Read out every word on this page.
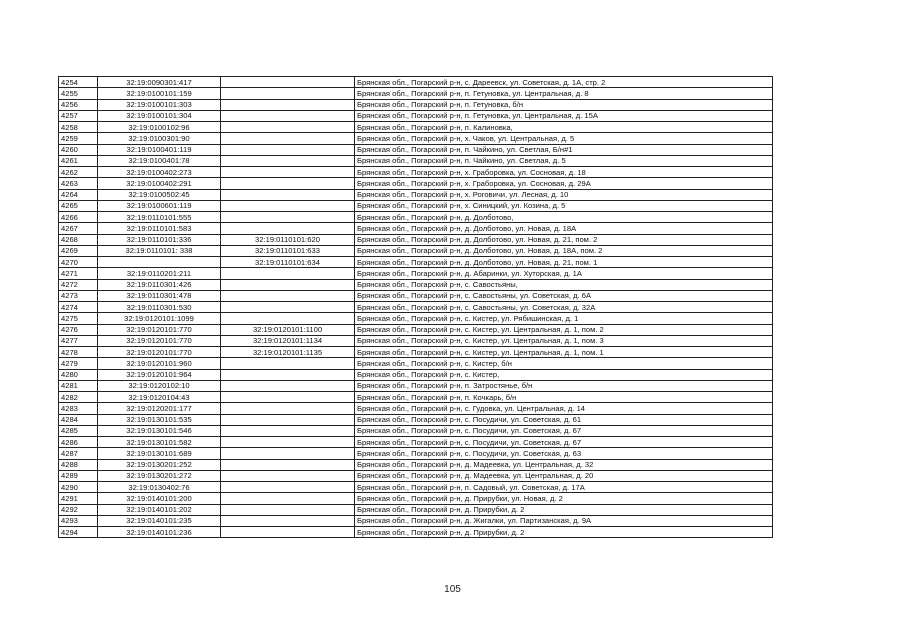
4254	32:19:0090301:417		Брянская обл., Погарский р-н, с. Дареевск, ул. Советская, д. 1А, стр. 2
4255	32:19:0100101:159		Брянская обл., Погарский р-н, п. Гетуновка, ул. Центральная, д. 8
4256	32:19:0100101:303		Брянская обл., Погарский р-н, п. Гетуновка, б/н
4257	32:19:0100101:304		Брянская обл., Погарский р-н, п. Гетуновка, ул. Центральная, д. 15А
4258	32:19:0100102:96		Брянская обл., Погарский р-н, п. Калиновка,
4259	32:19:0100301:90		Брянская обл., Погарский р-н, х. Чаков, ул. Центральная, д. 5
4260	32:19:0100401:119		Брянская обл., Погарский р-н, п. Чайкино, ул. Светлая, Б/н#1
4261	32:19:0100401:78		Брянская обл., Погарский р-н, п. Чайкино, ул. Светлая, д. 5
4262	32:19:0100402:273		Брянская обл., Погарский р-н, х. Граборовка, ул. Сосновая, д. 18
4263	32:19:0100402:291		Брянская обл., Погарский р-н, х. Граборовка, ул. Сосновая, д. 29А
4264	32:19:0100502:45		Брянская обл., Погарский р-н, х. Роговичи, ул. Лесная, д. 10
4265	32:19:0100601:119		Брянская обл., Погарский р-н, х. Синицкий, ул. Козина, д. 5
4266	32:19:0110101:555		Брянская обл., Погарский р-н, д. Долботово,
4267	32:19:0110101:583		Брянская обл., Погарский р-н, д. Долботово, ул. Новая, д. 18А
4268	32:19:0110101:336	32:19:0110101:620	Брянская обл., Погарский р-н, д. Долботово, ул. Новая, д. 21, пом. 2
4269	32:19:0110101: 338	32:19:0110101:633	Брянская обл., Погарский р-н, д. Долботово, ул. Новая, д. 18А, пом. 2
4270		32:19:0110101:634	Брянская обл., Погарский р-н, д. Долботово, ул. Новая, д. 21, пом. 1
4271	32:19:0110201:211		Брянская обл., Погарский р-н, д. Абаринки, ул. Хуторская, д. 1А
4272	32:19:0110301:426		Брянская обл., Погарский р-н, с. Савостьяны,
4273	32:19:0110301:478		Брянская обл., Погарский р-н, с. Савостьяны, ул. Советская, д. 6А
4274	32:19:0110301:530		Брянская обл., Погарский р-н, с. Савостьяны, ул. Советская, д. 32А
4275	32:19:0120101:1099		Брянская обл., Погарский р-н, с. Кистер, ул. Рябишинская, д. 1
4276	32:19:0120101:770	32:19:0120101:1100	Брянская обл., Погарский р-н, с. Кистер, ул. Центральная, д. 1, пом. 2
4277	32:19:0120101:770	32:19:0120101:1134	Брянская обл., Погарский р-н, с. Кистер, ул. Центральная, д. 1, пом. 3
4278	32:19:0120101:770	32:19:0120101:1135	Брянская обл., Погарский р-н, с. Кистер, ул. Центральная, д. 1, пом. 1
4279	32:19:0120101:960		Брянская обл., Погарский р-н, с. Кистер, б/н
4280	32:19:0120101:964		Брянская обл., Погарский р-н, с. Кистер,
4281	32:19:0120102:10		Брянская обл., Погарский р-н, п. Затростянье, б/н
4282	32:19:0120104:43		Брянская обл., Погарский р-н, п. Кочкарь, б/н
4283	32:19:0120201:177		Брянская обл., Погарский р-н, с. Гудовка, ул. Центральная, д. 14
4284	32:19:0130101:535		Брянская обл., Погарский р-н, с. Посудичи, ул. Советская, д. 61
4285	32:19:0130101:546		Брянская обл., Погарский р-н, с. Посудичи, ул. Советская, д. 67
4286	32:19:0130101:582		Брянская обл., Погарский р-н, с. Посудичи, ул. Советская, д. 67
4287	32:19:0130101:689		Брянская обл., Погарский р-н, с. Посудичи, ул. Советская, д. 63
4288	32:19:0130201:252		Брянская обл., Погарский р-н, д. Мадеевка, ул. Центральная, д. 32
4289	32:19:0130201:272		Брянская обл., Погарский р-н, д. Мадеевка, ул. Центральная, д. 20
4290	32:19:0130402:76		Брянская обл., Погарский р-н, п. Садовый, ул. Советская, д. 17А
4291	32:19:0140101:200		Брянская обл., Погарский р-н, д. Прирубки, ул. Новая, д. 2
4292	32:19:0140101:202		Брянская обл., Погарский р-н, д. Прирубки, д. 2
4293	32:19:0140101:235		Брянская обл., Погарский р-н, д. Жигалки, ул. Партизанская, д. 9А
4294	32:19:0140101:236		Брянская обл., Погарский р-н, д. Прирубки, д. 2
105
